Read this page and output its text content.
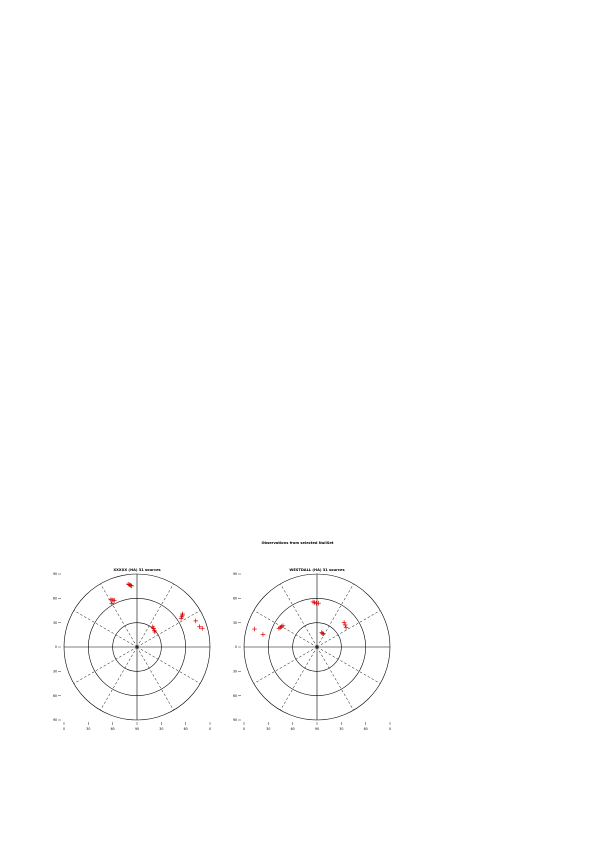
Observations from selected NullSet
XXXXX (HA) 31 sources
90
60
30
0
30
60
90
0	30	60	90	30	60	0
WESTDALL (HA) 31 sources
90
60
30
0
30
60
90
0	30	60	90	30	60	0
